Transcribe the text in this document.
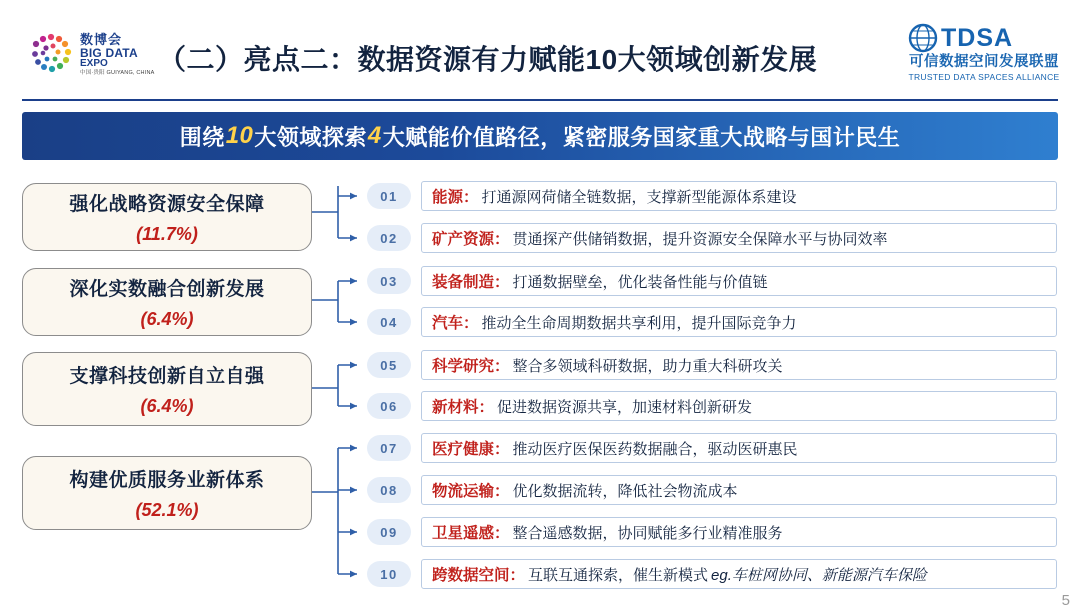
数博会
BIG DATA
EXPO
中国·贵阳 GUIYANG, CHINA （二）亮点二：数据资源有力赋能10大领域创新发展
TDSA
可信数据空间发展联盟
TRUSTED DATA SPACES ALLIANCE
围绕 10 大领域探索 4 大赋能价值路径，紧密服务国家重大战略与国计民生
强化战略资源安全保障
(11.7%)
深化实数融合创新发展
(6.4%)
支撑科技创新自立自强
(6.4%)
构建优质服务业新体系
(52.1%)
01	能源： 打通源网荷储全链数据，支撑新型能源体系建设
02	矿产资源： 贯通探产供储销数据，提升资源安全保障水平与协同效率
03	装备制造： 打通数据壁垒，优化装备性能与价值链
04	汽车： 推动全生命周期数据共享利用，提升国际竞争力
05	科学研究： 整合多领域科研数据，助力重大科研攻关
06	新材料： 促进数据资源共享，加速材料创新研发
07	医疗健康： 推动医疗医保医药数据融合，驱动医研惠民
08	物流运输： 优化数据流转，降低社会物流成本
09	卫星遥感： 整合遥感数据，协同赋能多行业精准服务
10	跨数据空间： 互联互通探索，催生新模式 eg.车桩网协同、新能源汽车保险
5
